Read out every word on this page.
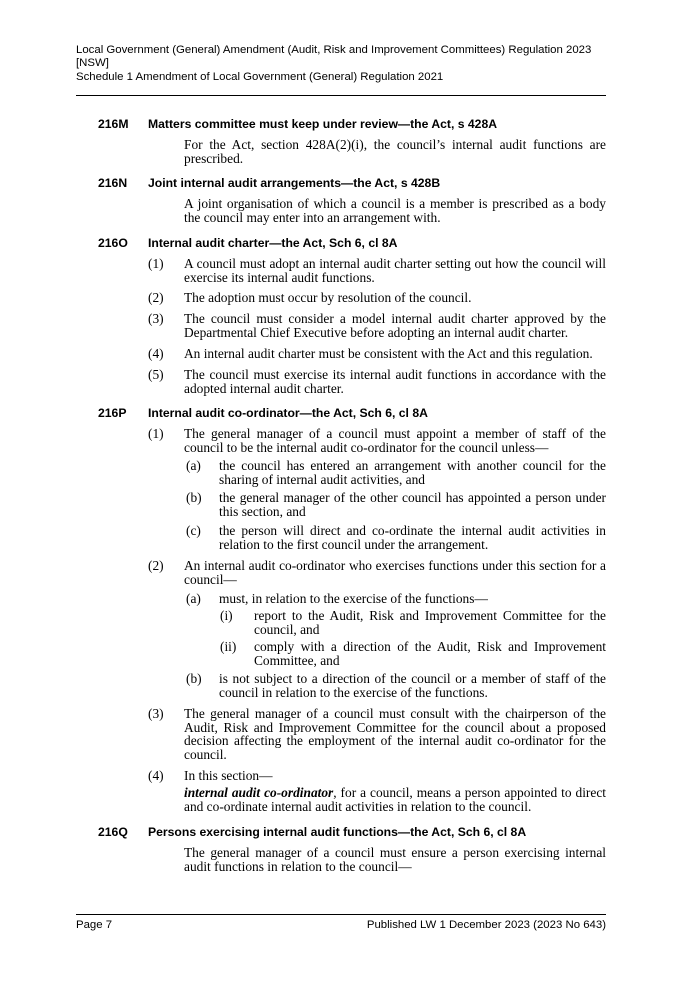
Local Government (General) Amendment (Audit, Risk and Improvement Committees) Regulation 2023
[NSW]
Schedule 1 Amendment of Local Government (General) Regulation 2021
216M Matters committee must keep under review—the Act, s 428A
For the Act, section 428A(2)(i), the council’s internal audit functions are prescribed.
216N Joint internal audit arrangements—the Act, s 428B
A joint organisation of which a council is a member is prescribed as a body the council may enter into an arrangement with.
216O Internal audit charter—the Act, Sch 6, cl 8A
(1) A council must adopt an internal audit charter setting out how the council will exercise its internal audit functions.
(2) The adoption must occur by resolution of the council.
(3) The council must consider a model internal audit charter approved by the Departmental Chief Executive before adopting an internal audit charter.
(4) An internal audit charter must be consistent with the Act and this regulation.
(5) The council must exercise its internal audit functions in accordance with the adopted internal audit charter.
216P Internal audit co-ordinator—the Act, Sch 6, cl 8A
(1) The general manager of a council must appoint a member of staff of the council to be the internal audit co-ordinator for the council unless—
(a) the council has entered an arrangement with another council for the sharing of internal audit activities, and
(b) the general manager of the other council has appointed a person under this section, and
(c) the person will direct and co-ordinate the internal audit activities in relation to the first council under the arrangement.
(2) An internal audit co-ordinator who exercises functions under this section for a council—
(a) must, in relation to the exercise of the functions—
(i) report to the Audit, Risk and Improvement Committee for the council, and
(ii) comply with a direction of the Audit, Risk and Improvement Committee, and
(b) is not subject to a direction of the council or a member of staff of the council in relation to the exercise of the functions.
(3) The general manager of a council must consult with the chairperson of the Audit, Risk and Improvement Committee for the council about a proposed decision affecting the employment of the internal audit co-ordinator for the council.
(4) In this section—
internal audit co-ordinator, for a council, means a person appointed to direct and co-ordinate internal audit activities in relation to the council.
216Q Persons exercising internal audit functions—the Act, Sch 6, cl 8A
The general manager of a council must ensure a person exercising internal audit functions in relation to the council—
Page 7	Published LW 1 December 2023 (2023 No 643)
